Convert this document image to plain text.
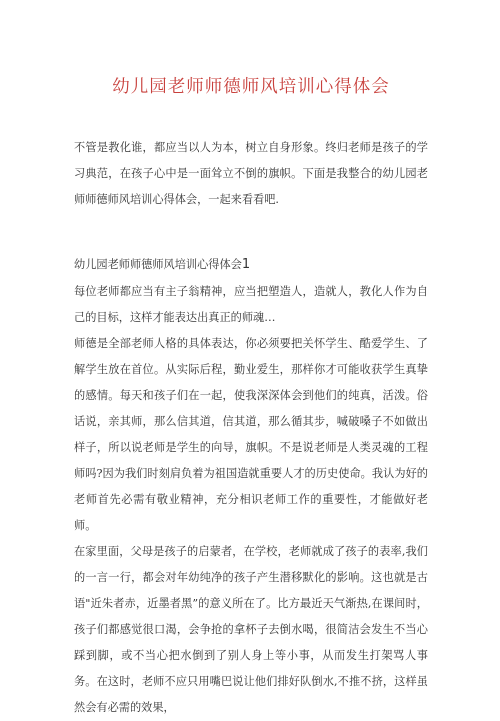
幼儿园老师师德师风培训心得体会

不管是教化谁，都应当以人为本，树立自身形象。终归老师是孩子的学习典范，在孩子心中是一面耸立不倒的旗帜。下面是我整合的幼儿园老师师德师风培训心得体会，一起来看看吧.

幼儿园老师师德师风培训心得体会1

每位老师都应当有主子翁精神，应当把塑造人，造就人，教化人作为自己的目标，这样才能表达出真正的师魂…

师德是全部老师人格的具体表达，你必须要把关怀学生、酷爱学生、了解学生放在首位。从实际后程，勤业爱生，那样你才可能收获学生真挚的感情。每天和孩子们在一起，使我深深体会到他们的纯真，活泼。俗话说，亲其师，那么信其道，信其道，那么循其步，喊破嗓子不如做出样子，所以说老师是学生的向导，旗帜。不是说老师是人类灵魂的工程师吗?因为我们时刻肩负着为祖国造就重要人才的历史使命。我认为好的老师首先必需有敬业精神，充分相识老师工作的重要性，才能做好老师。

在家里面，父母是孩子的启蒙者，在学校，老师就成了孩子的表率,我们的一言一行，都会对年幼纯净的孩子产生潜移默化的影响。这也就是古语"近朱者赤，近墨者黑”的意义所在了。比方最近天气渐热,在课间时，孩子们都感觉很口渴，会争抢的拿杯子去倒水喝，很简洁会发生不当心踩到脚，或不当心把水倒到了别人身上等小事，从而发生打架骂人事务。在这时，老师不应只用嘴巴说让他们排好队倒水,不推不挤，这样虽然会有必需的效果，
